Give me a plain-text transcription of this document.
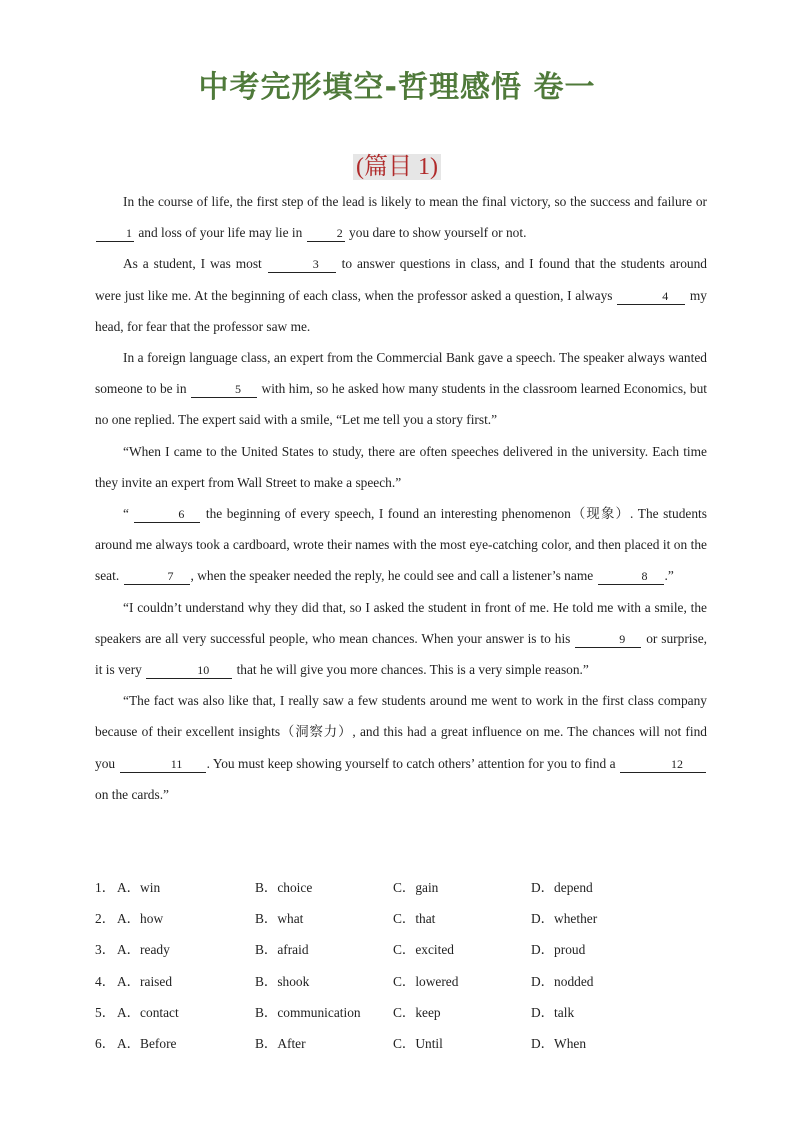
中考完形填空-哲理感悟 卷一
(篇目 1)

In the course of life, the first step of the lead is likely to mean the final victory, so the success and failure or 1 and loss of your life may lie in	2 you dare to show yourself or not.

As a student, I was most	3 to answer questions in class, and I found that the students around were just like me. At the beginning of each class, when the professor asked a question, I always	4 my head, for fear that the professor saw me.

In a foreign language class, an expert from the Commercial Bank gave a speech. The speaker always wanted someone to be in	5 with him, so he asked how many students in the classroom learned Economics, but no one replied. The expert said with a smile, “Let me tell you a story first.”

“When I came to the United States to study, there are often speeches delivered in the university. Each time they invite an expert from Wall Street to make a speech.”

“	6 the beginning of every speech, I found an interesting phenomenon（现象）. The students around me always took a cardboard, wrote their names with the most eye-catching color, and then placed it on the seat.	7 , when the speaker needed the reply, he could see and call a listener’s name	8 .”

“I couldn’t understand why they did that, so I asked the student in front of me. He told me with a smile, the speakers are all very successful people, who mean chances. When your answer is to his	9 or surprise, it is very	10 that he will give you more chances. This is a very simple reason.”

“The fact was also like that, I really saw a few students around me went to work in the first class company because of their excellent insights（洞察力）, and this had a great influence on me. The chances will not find you	11 . You must keep showing yourself to catch others’ attention for you to find a	12 on the cards.”

1． A．win	B．choice	C．gain	D．depend
2． A．how	B．what	C．that	D．whether
3． A．ready	B．afraid	C．excited	D．proud
4． A．raised	B．shook	C．lowered	D．nodded
5． A．contact	B．communication	C．keep	D．talk
6． A．Before	B．After	C．Until	D．When
